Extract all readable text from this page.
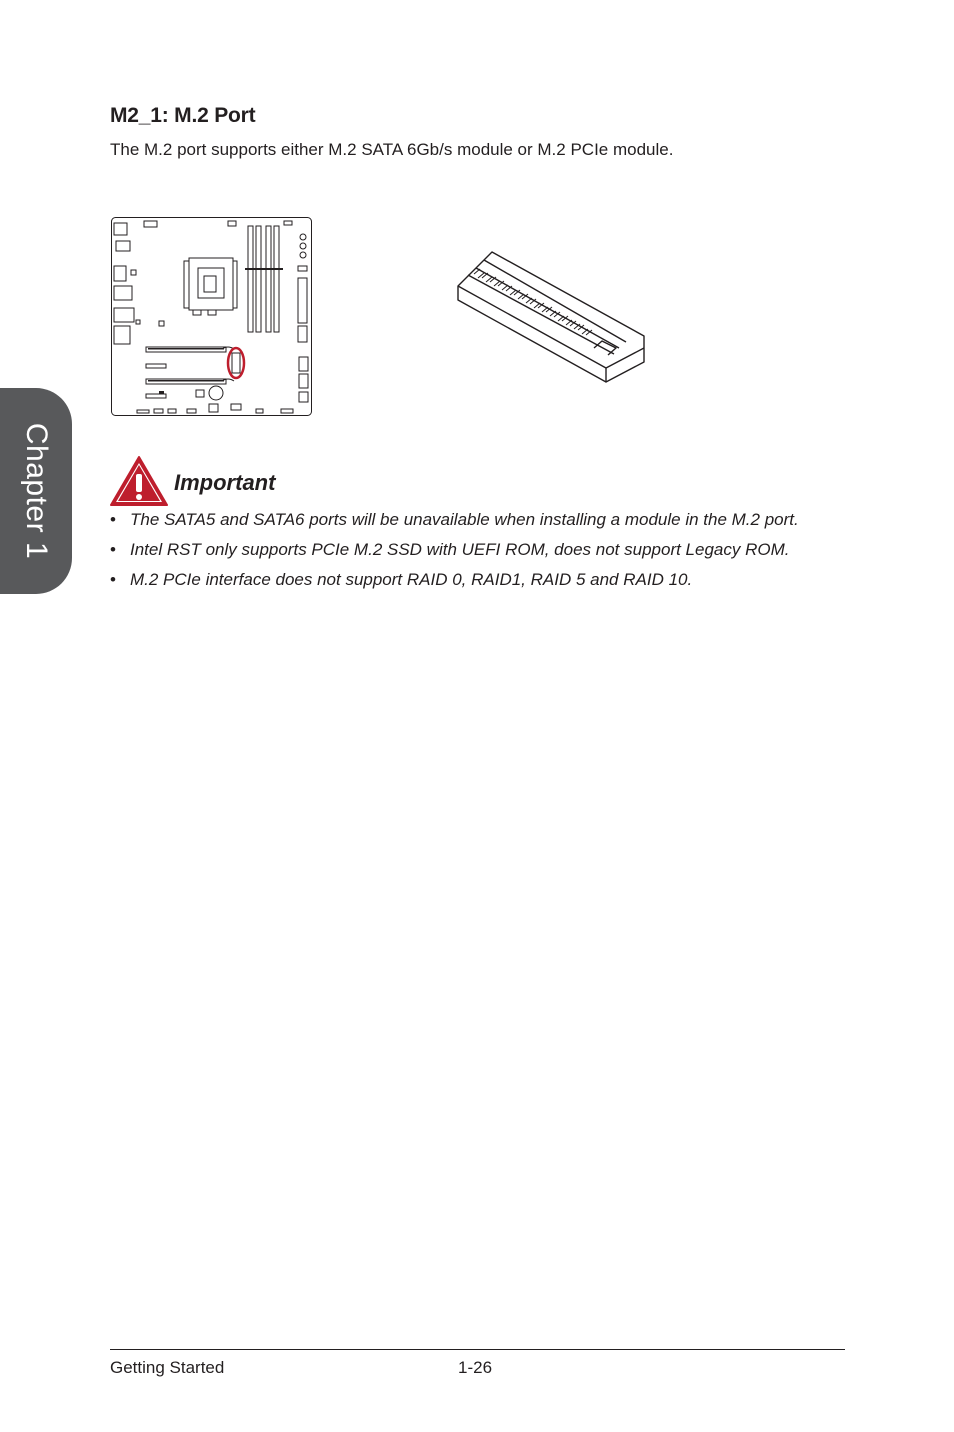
Chapter 1
M2_1: M.2 Port
The M.2 port supports either M.2 SATA 6Gb/s module or M.2 PCIe module.
Important
• The SATA5 and SATA6 ports will be unavailable when installing a module in the M.2 port.
• Intel RST only supports PCIe M.2 SSD with UEFI ROM, does not support Legacy ROM.
• M.2 PCIe interface does not support RAID 0, RAID1, RAID 5 and RAID 10.
Getting Started	1-26
